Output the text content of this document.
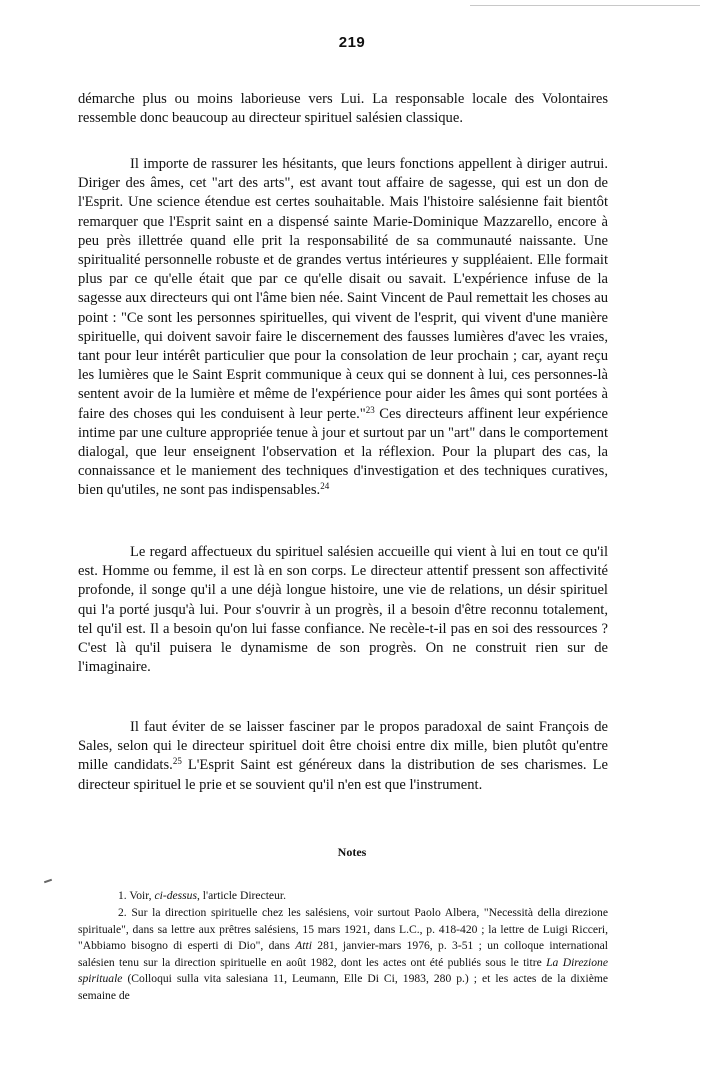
219

démarche plus ou moins laborieuse vers Lui. La responsable locale des Volontaires ressemble donc beaucoup au directeur spirituel salésien classique.

Il importe de rassurer les hésitants, que leurs fonctions appellent à diriger autrui. Diriger des âmes, cet "art des arts", est avant tout affaire de sagesse, qui est un don de l'Esprit. Une science étendue est certes souhaitable. Mais l'histoire salésienne fait bientôt remarquer que l'Esprit saint en a dispensé sainte Marie-Dominique Mazzarello, encore à peu près illettrée quand elle prit la responsabilité de sa communauté naissante. Une spiritualité personnelle robuste et de grandes vertus intérieures y suppléaient. Elle formait plus par ce qu'elle était que par ce qu'elle disait ou savait. L'expérience infuse de la sagesse aux directeurs qui ont l'âme bien née. Saint Vincent de Paul remettait les choses au point : "Ce sont les personnes spirituelles, qui vivent de l'esprit, qui vivent d'une manière spirituelle, qui doivent savoir faire le discernement des fausses lumières d'avec les vraies, tant pour leur intérêt particulier que pour la consolation de leur prochain ; car, ayant reçu les lumières que le Saint Esprit communique à ceux qui se donnent à lui, ces personnes-là sentent avoir de la lumière et même de l'expérience pour aider les âmes qui sont portées à faire des choses qui les conduisent à leur perte."$^{23}$ Ces directeurs affinent leur expérience intime par une culture appropriée tenue à jour et surtout par un "art" dans le comportement dialogal, que leur enseignent l'observation et la réflexion. Pour la plupart des cas, la connaissance et le maniement des techniques d'investigation et des techniques curatives, bien qu'utiles, ne sont pas indispensables.$^{24}$

Le regard affectueux du spirituel salésien accueille qui vient à lui en tout ce qu'il est. Homme ou femme, il est là en son corps. Le directeur attentif pressent son affectivité profonde, il songe qu'il a une déjà longue histoire, une vie de relations, un désir spirituel qui l'a porté jusqu'à lui. Pour s'ouvrir à un progrès, il a besoin d'être reconnu totalement, tel qu'il est. Il a besoin qu'on lui fasse confiance. Ne recèle-t-il pas en soi des ressources ? C'est là qu'il puisera le dynamisme de son progrès. On ne construit rien sur de l'imaginaire.

Il faut éviter de se laisser fasciner par le propos paradoxal de saint François de Sales, selon qui le directeur spirituel doit être choisi entre dix mille, bien plutôt qu'entre mille candidats.$^{25}$ L'Esprit Saint est généreux dans la distribution de ses charismes. Le directeur spirituel le prie et se souvient qu'il n'en est que l'instrument.

Notes

1. Voir, ci-dessus, l'article Directeur.

2. Sur la direction spirituelle chez les salésiens, voir surtout Paolo Albera, "Necessità della direzione spirituale", dans sa lettre aux prêtres salésiens, 15 mars 1921, dans L.C., p. 418-420 ; la lettre de Luigi Ricceri, "Abbiamo bisogno di esperti di Dio", dans Atti 281, janvier-mars 1976, p. 3-51 ; un colloque international salésien tenu sur la direction spirituelle en août 1982, dont les actes ont été publiés sous le titre La Direzione spirituale (Colloqui sulla vita salesiana 11, Leumann, Elle Di Ci, 1983, 280 p.) ; et les actes de la dixième semaine de
